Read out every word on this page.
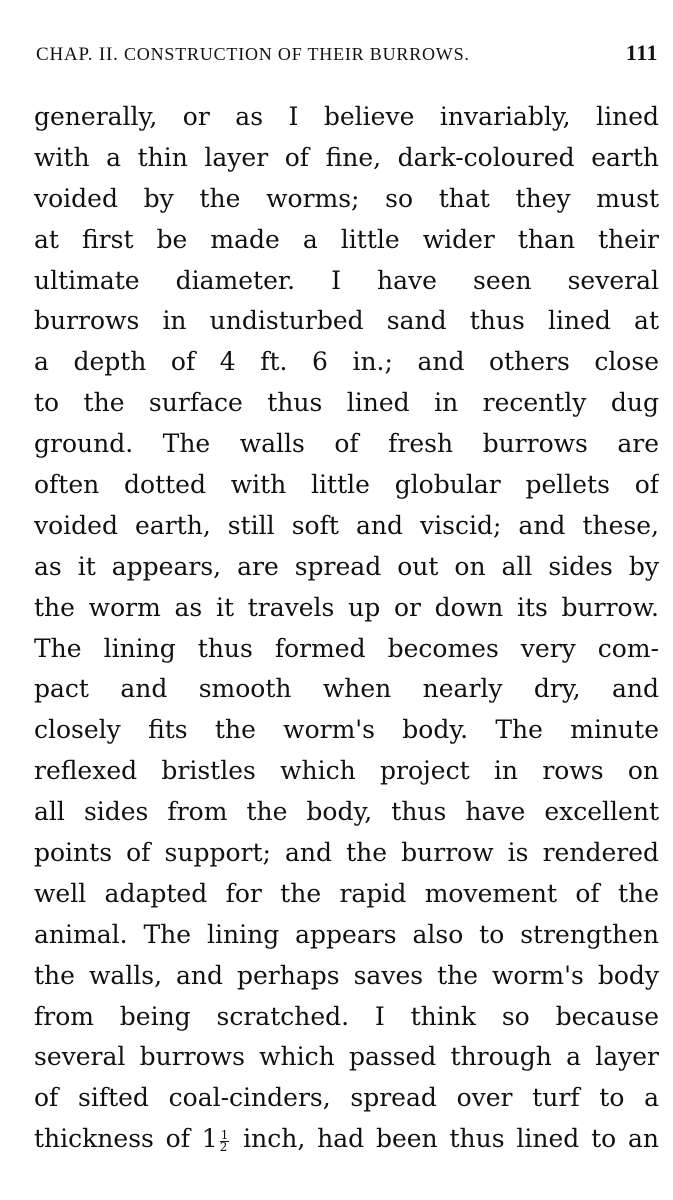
CHAP. II. CONSTRUCTION OF THEIR BURROWS.	111
generally, or as I believe invariably, lined
with a thin layer of fine, dark-coloured earth
voided by the worms; so that they must
at first be made a little wider than their
ultimate diameter. I have seen several
burrows in undisturbed sand thus lined at
a depth of 4 ft. 6 in.; and others close
to the surface thus lined in recently dug
ground. The walls of fresh burrows are
often dotted with little globular pellets of
voided earth, still soft and viscid; and these,
as it appears, are spread out on all sides by
the worm as it travels up or down its burrow.
The lining thus formed becomes very com-
pact and smooth when nearly dry, and
closely fits the worm's body. The minute
reflexed bristles which project in rows on
all sides from the body, thus have excellent
points of support; and the burrow is rendered
well adapted for the rapid movement of the
animal. The lining appears also to strengthen
the walls, and perhaps saves the worm's body
from being scratched. I think so because
several burrows which passed through a layer
of sifted coal-cinders, spread over turf to a
thickness of $1 \frac{1}{2}$ inch, had been thus lined to an
